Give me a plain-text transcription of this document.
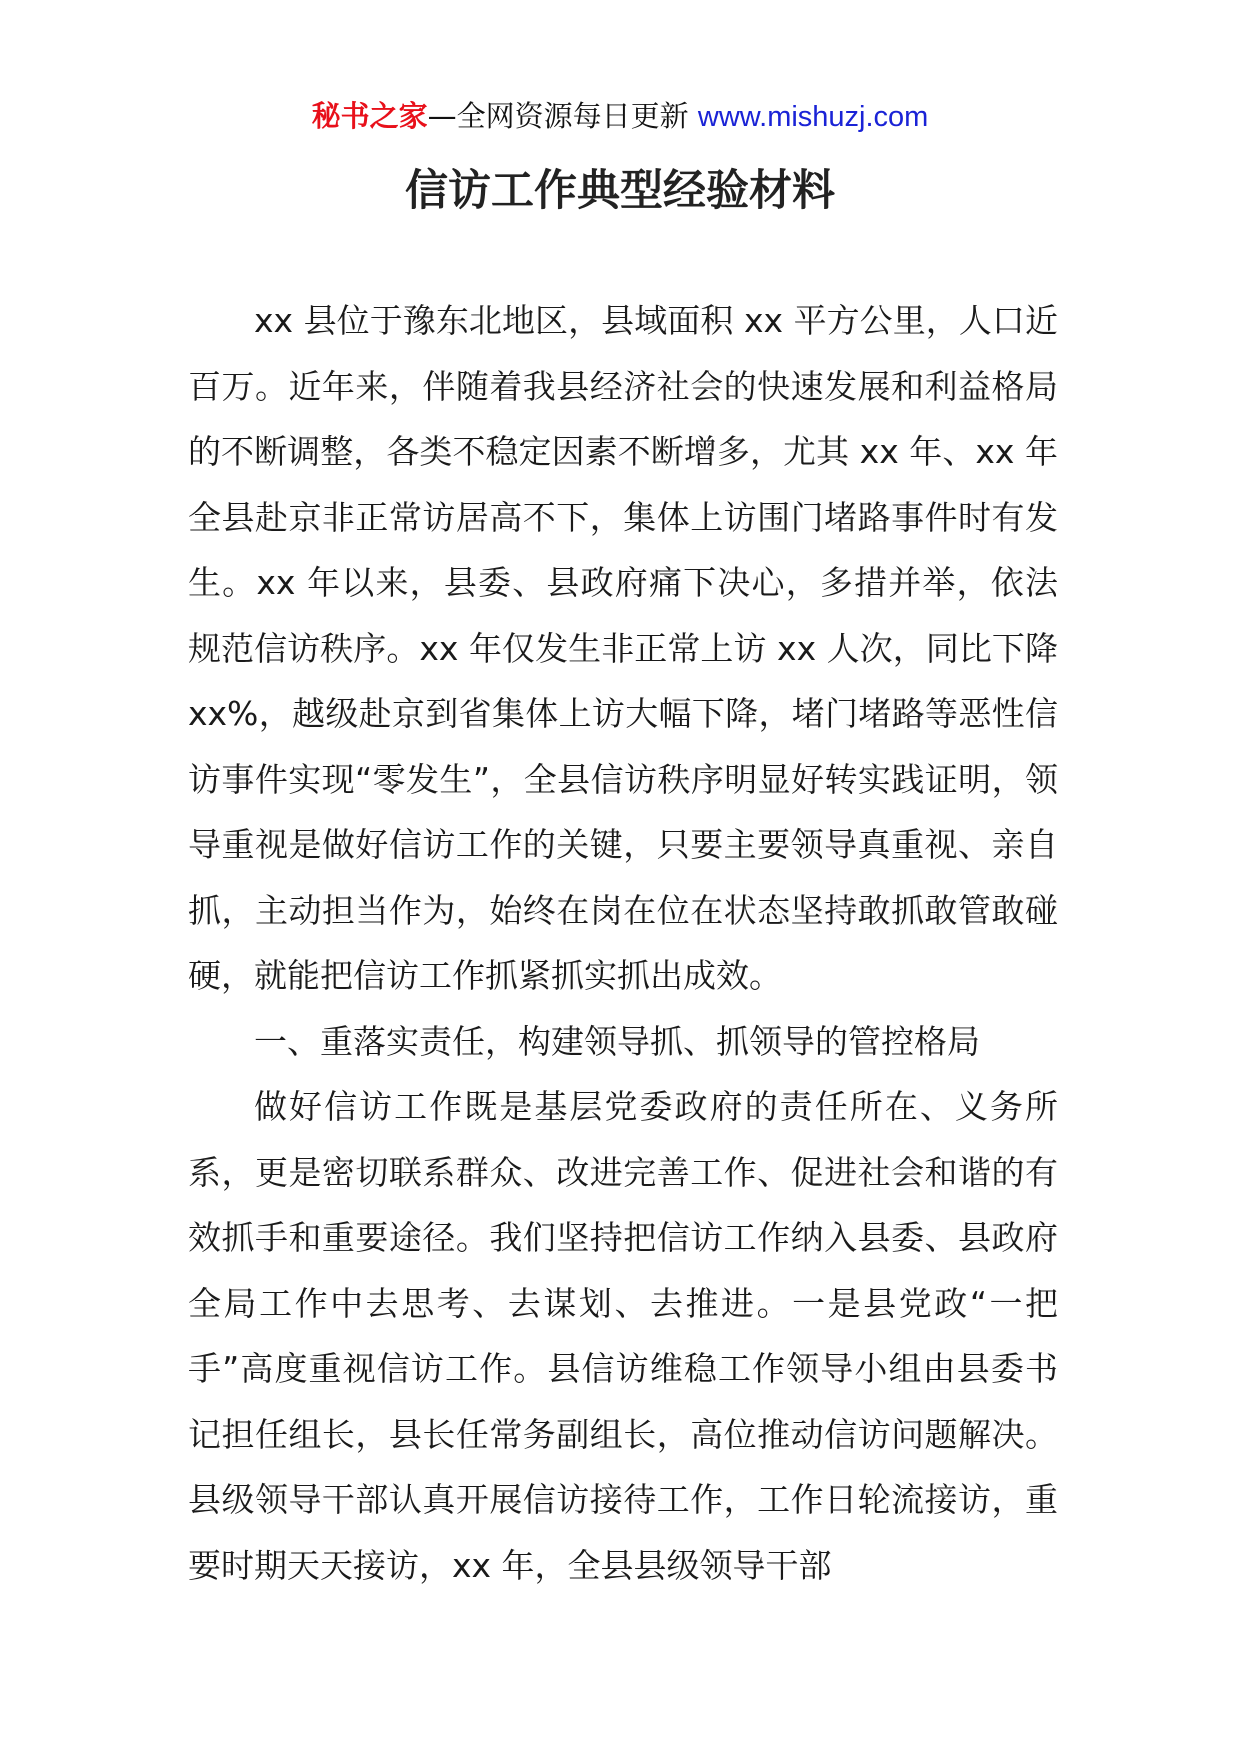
秘书之家—全网资源每日更新 www.mishuzj.com
信访工作典型经验材料

xx 县位于豫东北地区，县域面积 xx 平方公里，人口近百万。近年来，伴随着我县经济社会的快速发展和利益格局的不断调整，各类不稳定因素不断增多，尤其 xx 年、xx 年全县赴京非正常访居高不下，集体上访围门堵路事件时有发生。xx 年以来，县委、县政府痛下决心，多措并举，依法规范信访秩序。xx 年仅发生非正常上访 xx 人次，同比下降 xx%，越级赴京到省集体上访大幅下降，堵门堵路等恶性信访事件实现“零发生”，全县信访秩序明显好转实践证明，领导重视是做好信访工作的关键，只要主要领导真重视、亲自抓，主动担当作为，始终在岗在位在状态坚持敢抓敢管敢碰硬，就能把信访工作抓紧抓实抓出成效。

一、重落实责任，构建领导抓、抓领导的管控格局

做好信访工作既是基层党委政府的责任所在、义务所系，更是密切联系群众、改进完善工作、促进社会和谐的有效抓手和重要途径。我们坚持把信访工作纳入县委、县政府全局工作中去思考、去谋划、去推进。一是县党政“一把手”高度重视信访工作。县信访维稳工作领导小组由县委书记担任组长，县长任常务副组长，高位推动信访问题解决。县级领导干部认真开展信访接待工作，工作日轮流接访，重要时期天天接访，xx 年，全县县级领导干部
